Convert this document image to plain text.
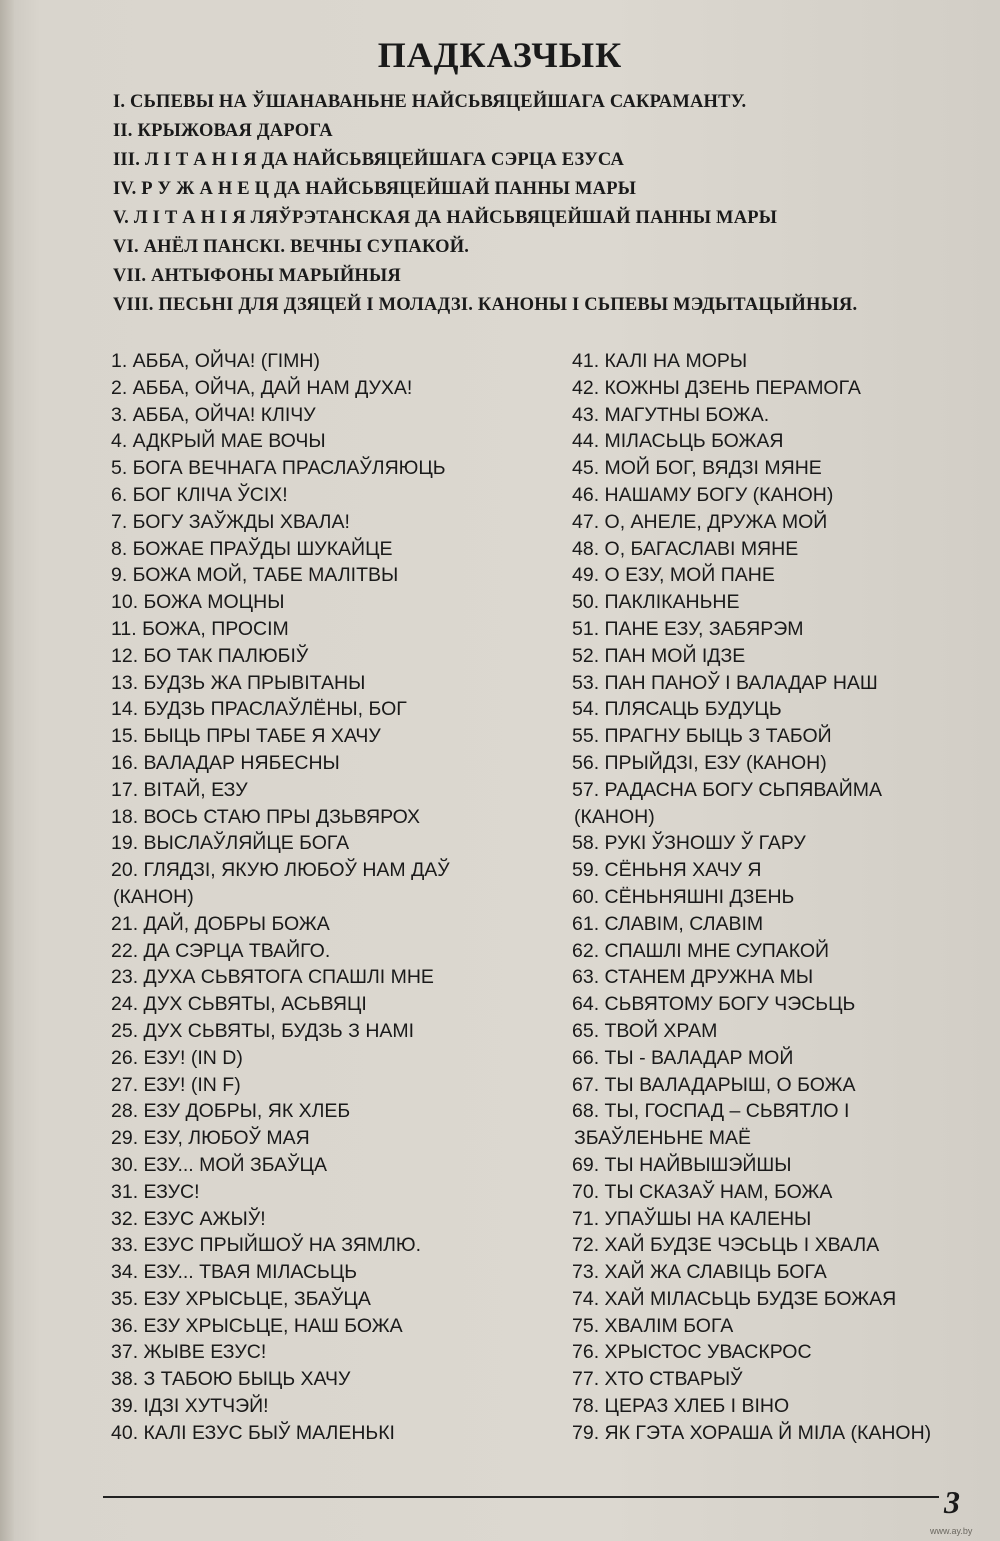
ПАДКАЗЧЫК
I. СЬПЕВЫ НА ЎШАНАВАНЬНЕ НАЙСЬВЯЦЕЙШАГА САКРАМАНТУ.
II. КРЫЖОВАЯ ДАРОГА
III. Л І Т А Н І Я ДА НАЙСЬВЯЦЕЙШАГА СЭРЦА ЕЗУСА
IV. Р У Ж А Н Е Ц ДА НАЙСЬВЯЦЕЙШАЙ ПАННЫ МАРЫ
V. Л І Т А Н І Я ЛЯЎРЭТАНСКАЯ ДА НАЙСЬВЯЦЕЙШАЙ ПАННЫ МАРЫ
VI. АНЁЛ ПАНСКІ. ВЕЧНЫ СУПАКОЙ.
VII. АНТЫФОНЫ МАРЫЙНЫЯ
VIII. ПЕСЬНІ ДЛЯ ДЗЯЦЕЙ І МОЛАДЗІ. КАНОНЫ І СЬПЕВЫ МЭДЫТАЦЫЙНЫЯ.
1. АББА, ОЙЧА! (ГІМН)
2. АББА, ОЙЧА, ДАЙ НАМ ДУХА!
3. АББА, ОЙЧА! КЛІЧУ
4. АДКРЫЙ МАЕ ВОЧЫ
5. БОГА ВЕЧНАГА ПРАСЛАЎЛЯЮЦЬ
6. БОГ КЛІЧА ЎСІХ!
7. БОГУ ЗАЎЖДЫ ХВАЛА!
8. БОЖАЕ ПРАЎДЫ ШУКАЙЦЕ
9. БОЖА МОЙ, ТАБЕ МАЛІТВЫ
10. БОЖА МОЦНЫ
11. БОЖА, ПРОСІМ
12. БО ТАК ПАЛЮБІЎ
13. БУДЗЬ ЖА ПРЫВІТАНЫ
14. БУДЗЬ ПРАСЛАЎЛЁНЫ, БОГ
15. БЫЦЬ ПРЫ ТАБЕ Я ХАЧУ
16. ВАЛАДАР НЯБЕСНЫ
17. ВІТАЙ, ЕЗУ
18. ВОСЬ СТАЮ ПРЫ ДЗЬВЯРОХ
19. ВЫСЛАЎЛЯЙЦЕ БОГА
20. ГЛЯДЗІ, ЯКУЮ ЛЮБОЎ НАМ ДАЎ
(КАНОН)
21. ДАЙ, ДОБРЫ БОЖА
22. ДА СЭРЦА ТВАЙГО.
23. ДУХА СЬВЯТОГА СПАШЛІ МНЕ
24. ДУХ СЬВЯТЫ, АСЬВЯЦІ
25. ДУХ СЬВЯТЫ, БУДЗЬ З НАМІ
26. ЕЗУ! (IN D)
27. ЕЗУ! (IN F)
28. ЕЗУ ДОБРЫ, ЯК ХЛЕБ
29. ЕЗУ, ЛЮБОЎ МАЯ
30. ЕЗУ... МОЙ ЗБАЎЦА
31. ЕЗУС!
32. ЕЗУС АЖЫЎ!
33. ЕЗУС ПРЫЙШОЎ НА ЗЯМЛЮ.
34. ЕЗУ... ТВАЯ МІЛАСЬЦЬ
35. ЕЗУ ХРЫСЬЦЕ, ЗБАЎЦА
36. ЕЗУ ХРЫСЬЦЕ, НАШ БОЖА
37. ЖЫВЕ ЕЗУС!
38. З ТАБОЮ БЫЦЬ ХАЧУ
39. ІДЗІ ХУТЧЭЙ!
40. КАЛІ ЕЗУС БЫЎ МАЛЕНЬКІ
41. КАЛІ НА МОРЫ
42. КОЖНЫ ДЗЕНЬ ПЕРАМОГА
43. МАГУТНЫ БОЖА.
44. МІЛАСЬЦЬ БОЖАЯ
45. МОЙ БОГ, ВЯДЗІ МЯНЕ
46. НАШАМУ БОГУ (КАНОН)
47. О, АНЕЛЕ, ДРУЖА МОЙ
48. О, БАГАСЛАВІ МЯНЕ
49. О ЕЗУ, МОЙ ПАНЕ
50. ПАКЛІКАНЬНЕ
51. ПАНЕ ЕЗУ, ЗАБЯРЭМ
52. ПАН МОЙ ІДЗЕ
53. ПАН ПАНОЎ І ВАЛАДАР НАШ
54. ПЛЯСАЦЬ БУДУЦЬ
55. ПРАГНУ БЫЦЬ З ТАБОЙ
56. ПРЫЙДЗІ, ЕЗУ (КАНОН)
57. РАДАСНА БОГУ СЬПЯВАЙМА
(КАНОН)
58. РУКІ ЎЗНОШУ Ў ГАРУ
59. СЁНЬНЯ ХАЧУ Я
60. СЁНЬНЯШНІ ДЗЕНЬ
61. СЛАВІМ, СЛАВІМ
62. СПАШЛІ МНЕ СУПАКОЙ
63. СТАНЕМ ДРУЖНА МЫ
64. СЬВЯТОМУ БОГУ ЧЭСЬЦЬ
65. ТВОЙ ХРАМ
66. ТЫ - ВАЛАДАР МОЙ
67. ТЫ ВАЛАДАРЫШ, О БОЖА
68. ТЫ, ГОСПАД – СЬВЯТЛО І
ЗБАЎЛЕНЬНЕ МАЁ
69. ТЫ НАЙВЫШЭЙШЫ
70. ТЫ СКАЗАЎ НАМ, БОЖА
71. УПАЎШЫ НА КАЛЕНЫ
72. ХАЙ БУДЗЕ ЧЭСЬЦЬ І ХВАЛА
73. ХАЙ ЖА СЛАВІЦЬ БОГА
74. ХАЙ МІЛАСЬЦЬ БУДЗЕ БОЖАЯ
75. ХВАЛІМ БОГА
76. ХРЫСТОС УВАСКРОС
77. ХТО СТВАРЫЎ
78. ЦЕРАЗ ХЛЕБ І ВІНО
79. ЯК ГЭТА ХОРАША Й МІЛА (КАНОН)
3
www.ay.by
